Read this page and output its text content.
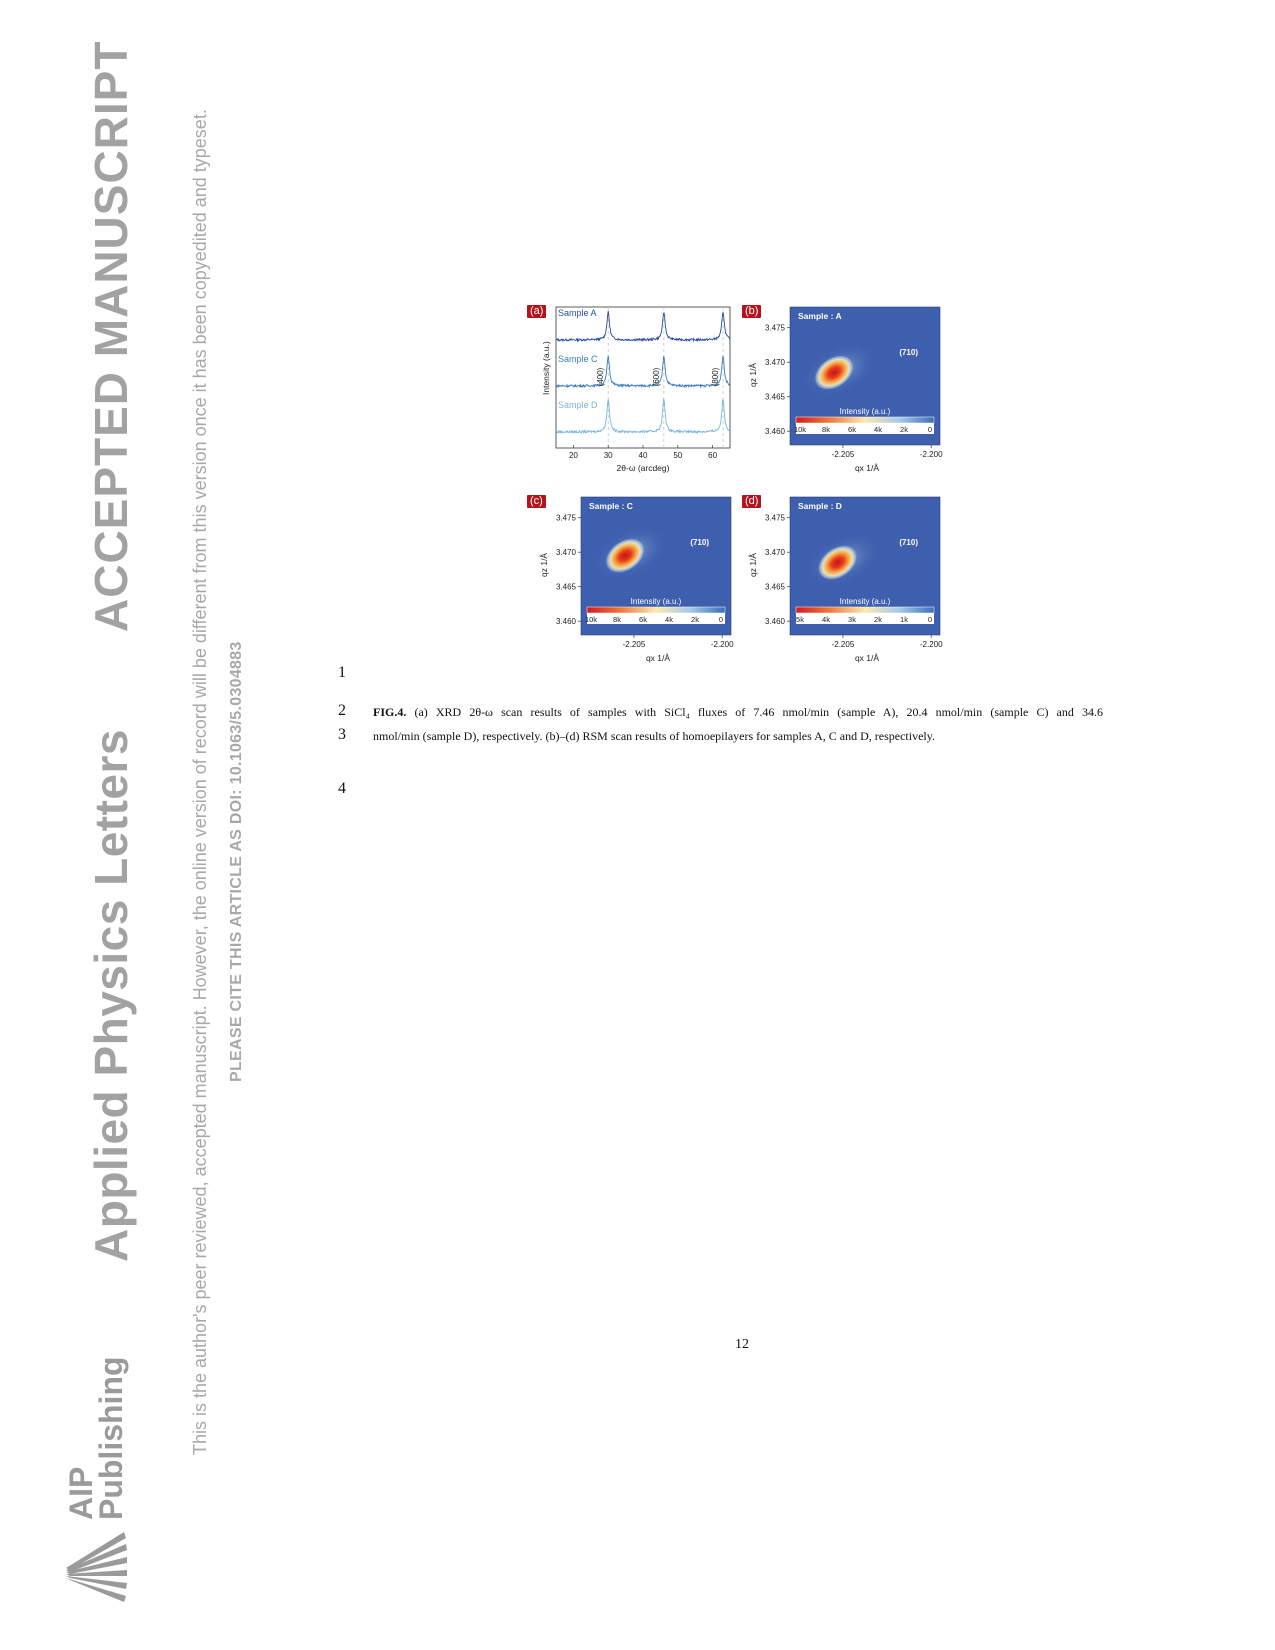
Applied Physics Letters
ACCEPTED MANUSCRIPT	This is the author's peer reviewed, accepted manuscript. However, the online version of record will be different from this version once it has been copyedited and typeset. PLEASE CITE THIS ARTICLE AS DOI: 10.1063/5.0304883
AIP
Publishing
(a)	Sample A
Sample C
Sample D
(400)	(600)	(800)
Intensity (a.u.)
20	30	40	50	60
2θ-ω (arcdeg)
(b)	Sample : A
(710)
3.475
3.470
3.465
3.460
qz 1/Å
-2.205	-2.200
qx 1/Å
Intensity (a.u.)
10k 8k 6k 4k 2k	0
(c)	Sample : C
(710)
3.475
3.470
3.465
3.460
qz 1/Å
-2.205	-2.200
qx 1/Å
Intensity (a.u.)
10k 8k 6k 4k 2k	0
(d)	Sample : D
(710)
3.475
3.470
3.465
3.460
qz 1/Å
-2.205	-2.200
qx 1/Å
Intensity (a.u.)
5k 4k 3k 2k 1k	0
1
2
3
4
FIG.4. (a) XRD 2θ-ω scan results of samples with SiCl₄ fluxes of 7.46 nmol/min (sample A), 20.4 nmol/min (sample C) and 34.6
nmol/min (sample D), respectively. (b)–(d) RSM scan results of homoepilayers for samples A, C and D, respectively.
12
